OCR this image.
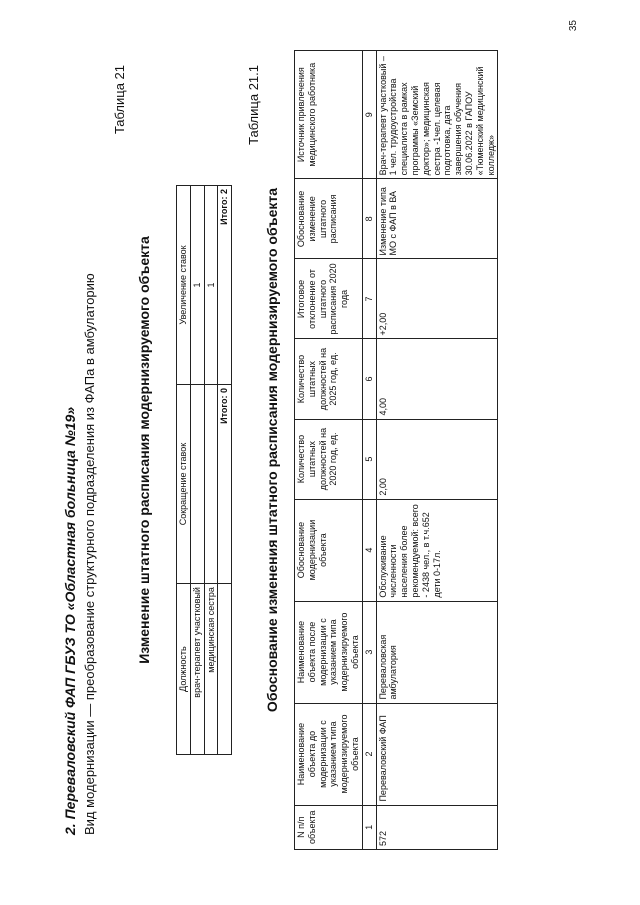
2. Перевaловский ФАП ГБУЗ ТО «Областная больница №19» Вид модернизации — преобразование структурного подразделения из ФАПа в амбулаторию
Таблица 21
Изменение штатного расписания модернизируемого объекта
Должность	Сокращение ставок	Увеличение ставок
врач-терапевт участковый		1
медицинская сестра		1
	Итого: 0	Итого: 2
Таблица 21.1
Обоснование изменения штатного расписания модернизируемого объекта
N п/п объекта	Наименование объекта до модернизации с указанием типа модернизируемого объекта	Наименование объекта после модернизации с указанием типа модернизируемого объекта	Обоснование модернизации объекта	Количество штатных должностей на 2020 год, ед.	Количество штатных должностей на 2025 год, ед.	Итоговое отклонение от штатного расписания 2020 года	Обоснование изменение штатного расписания	Источник привлечения медицинского работника
1	2	3	4	5	6	7	8	9
572	Перевaловский ФАП	Перевaловская амбулатория	Обслуживание численности населения более рекомендуемой: всего - 2438 чел., в т.ч.652 дети 0-17л.	2,00	4,00	+2,00	Изменение типа МО с ФАП в ВА	Врач-терапевт участковый – 1 чел. трудоустройства специалиста в рамках программы «Земский доктор»; медицинская сестра -1чел. целевая подготовка, дата завершения обучения 30.06.2022 в ГАПОУ «Тюменский медицинский колледж»
35
